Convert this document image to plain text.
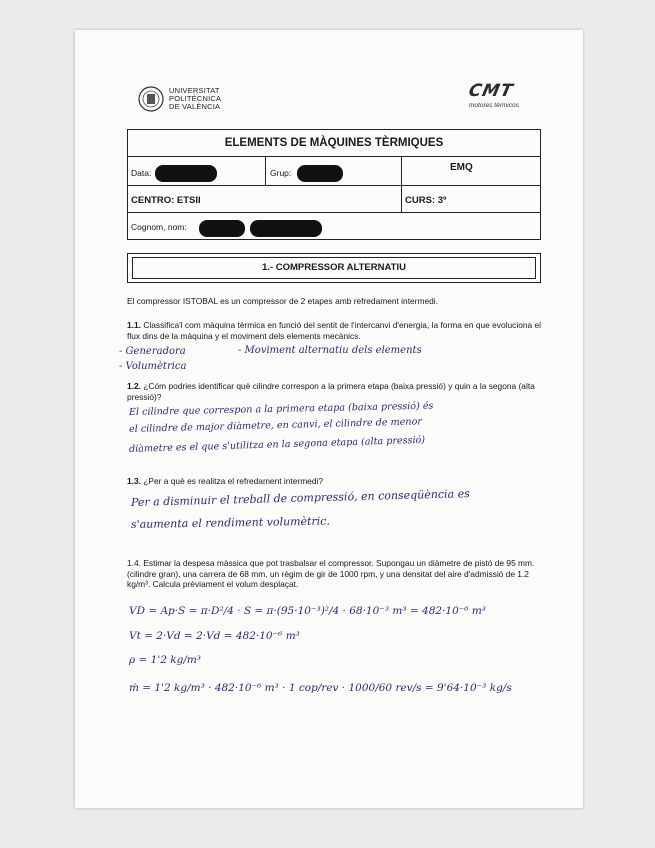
UNIVERSITAT
POLITÈCNICA
DE VALÈNCIA
CMT
motores térmicos
ELEMENTS DE MÀQUINES TÈRMIQUES
Data:	Grup:	EMQ
CENTRO: ETSII	CURS: 3º
Cognom, nom:
1.- COMPRESSOR ALTERNATIU
El compressor ISTOBAL es un compressor de 2 etapes amb refredament intermedi.
1.1. Classifica'l com màquina tèrmica en funció del sentit de l'intercanvi d'energia, la forma en que evoluciona el flux dins de la màquina y el moviment dels elements mecànics.
- Generadora	- Moviment alternatiu dels elements
- Volumètrica
1.2. ¿Cóm podries identificar què cilindre correspon a la primera etapa (baixa pressió) y quin a la segona (alta pressió)?
El cilindre que correspon a la primera etapa (baixa pressió) és
el cilindre de major diàmetre, en canvi, el cilindre de menor
diàmetre es el que s'utilitza en la segona etapa (alta pressió)
1.3. ¿Per a què es realitza el refredament intermedi?
Per a disminuir el treball de compressió, en conseqüència es
s'aumenta el rendiment volumètric.
1.4. Estimar la despesa màssica que pot trasbalsar el compressor. Supongau un diàmetre de pistó de 95 mm. (cilindre gran), una carrera de 68 mm, un règim de gir de 1000 rpm, y una densitat del aire d'admissió de 1.2 kg/m³. Calcula prèviament el volum desplaçat.
VD = Ap·S = π·D²/4 · S = π·(95·10⁻³)²/4 · 68·10⁻³ m³ = 482·10⁻⁶ m³
Vt = 2·Vd = 2·Vd = 482·10⁻⁶ m³
ρ = 1'2 kg/m³
ṁ = 1'2 kg/m³ · 482·10⁻⁶ m³ · 1 cop/rev · 1000/60 rev/s = 9'64·10⁻³ kg/s
